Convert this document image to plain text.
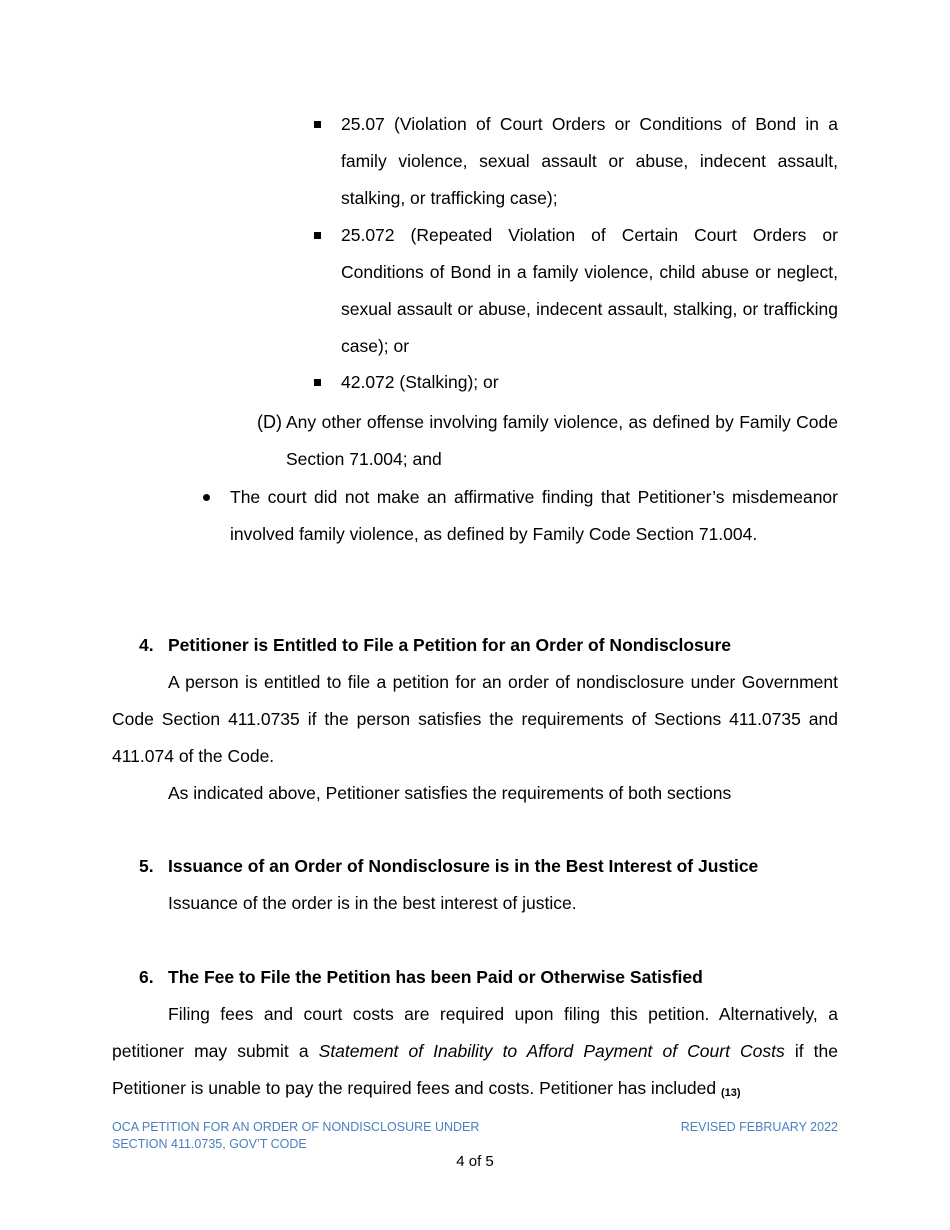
25.07 (Violation of Court Orders or Conditions of Bond in a family violence, sexual assault or abuse, indecent assault, stalking, or trafficking case);
25.072 (Repeated Violation of Certain Court Orders or Conditions of Bond in a family violence, child abuse or neglect, sexual assault or abuse, indecent assault, stalking, or trafficking case); or
42.072 (Stalking); or
(D) Any other offense involving family violence, as defined by Family Code Section 71.004; and
The court did not make an affirmative finding that Petitioner’s misdemeanor involved family violence, as defined by Family Code Section 71.004.
4. Petitioner is Entitled to File a Petition for an Order of Nondisclosure
A person is entitled to file a petition for an order of nondisclosure under Government Code Section 411.0735 if the person satisfies the requirements of Sections 411.0735 and 411.074 of the Code.
As indicated above, Petitioner satisfies the requirements of both sections
5. Issuance of an Order of Nondisclosure is in the Best Interest of Justice
Issuance of the order is in the best interest of justice.
6. The Fee to File the Petition has been Paid or Otherwise Satisfied
Filing fees and court costs are required upon filing this petition. Alternatively, a petitioner may submit a Statement of Inability to Afford Payment of Court Costs if the Petitioner is unable to pay the required fees and costs. Petitioner has included $^{(13)}$
OCA PETITION FOR AN ORDER OF NONDISCLOSURE UNDER
SECTION 411.0735, GOV’T CODE
REVISED FEBRUARY 2022
4 of 5
